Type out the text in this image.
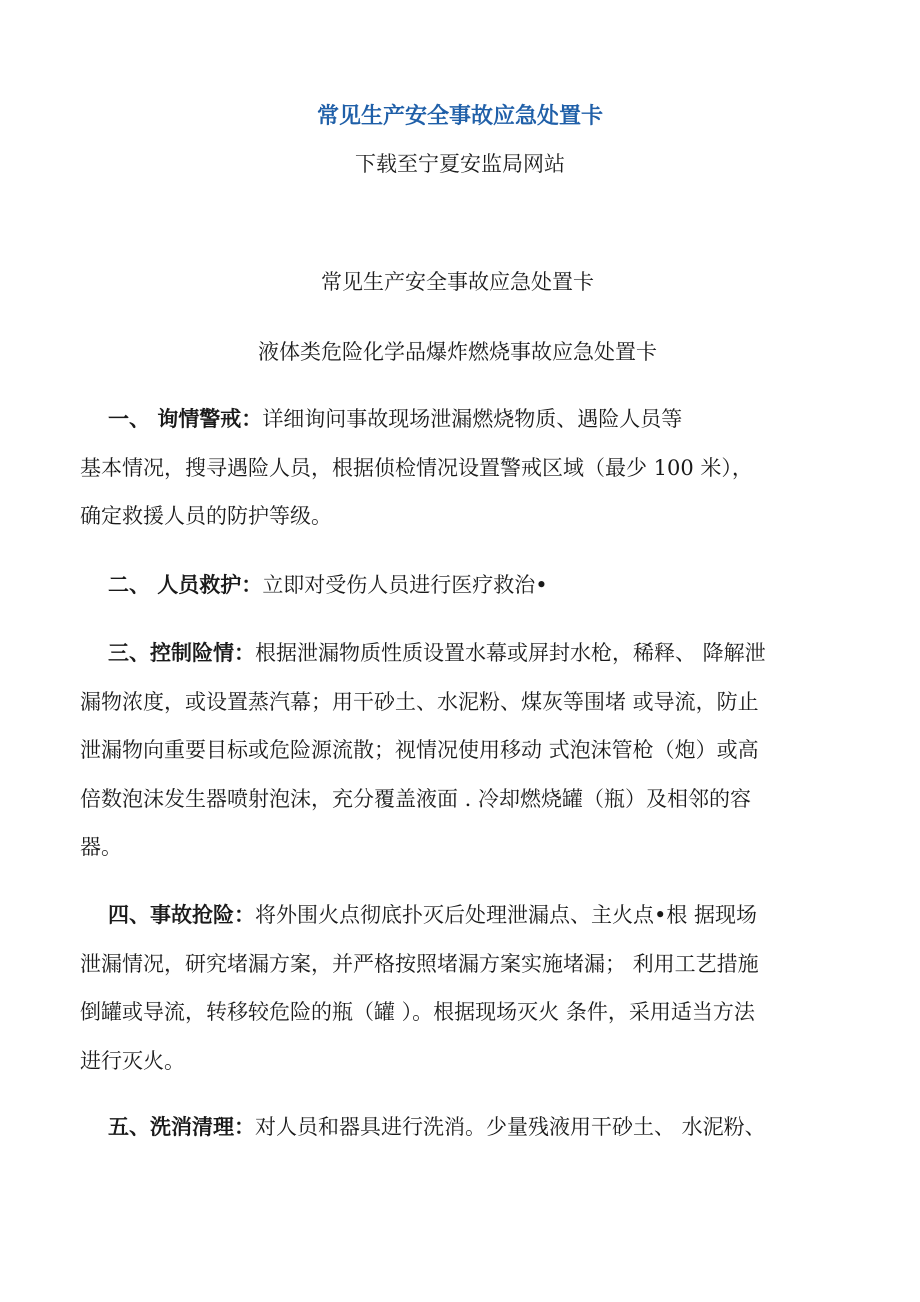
常见生产安全事故应急处置卡
下载至宁夏安监局网站
常见生产安全事故应急处置卡
液体类危险化学品爆炸燃烧事故应急处置卡
一、 询情警戒：详细询问事故现场泄漏燃烧物质、遇险人员等
基本情况，搜寻遇险人员，根据侦检情况设置警戒区域（最少 100 米），
确定救援人员的防护等级。
二、 人员救护：立即对受伤人员进行医疗救治•
三、控制险情：根据泄漏物质性质设置水幕或屏封水枪，稀释、 降解泄
漏物浓度，或设置蒸汽幕；用干砂土、水泥粉、煤灰等围堵 或导流，防止
泄漏物向重要目标或危险源流散；视情况使用移动 式泡沫管枪（炮）或高
倍数泡沫发生器喷射泡沫，充分覆盖液面 . 冷却燃烧罐（瓶）及相邻的容
器。
四、事故抢险：将外围火点彻底扑灭后处理泄漏点、主火点•根 据现场
泄漏情况，研究堵漏方案，并严格按照堵漏方案实施堵漏； 利用工艺措施
倒罐或导流，转移较危险的瓶（罐 ）。根据现场灭火 条件，采用适当方法
进行灭火。
五、洗消清理：对人员和器具进行洗消。少量残液用干砂土、 水泥粉、
